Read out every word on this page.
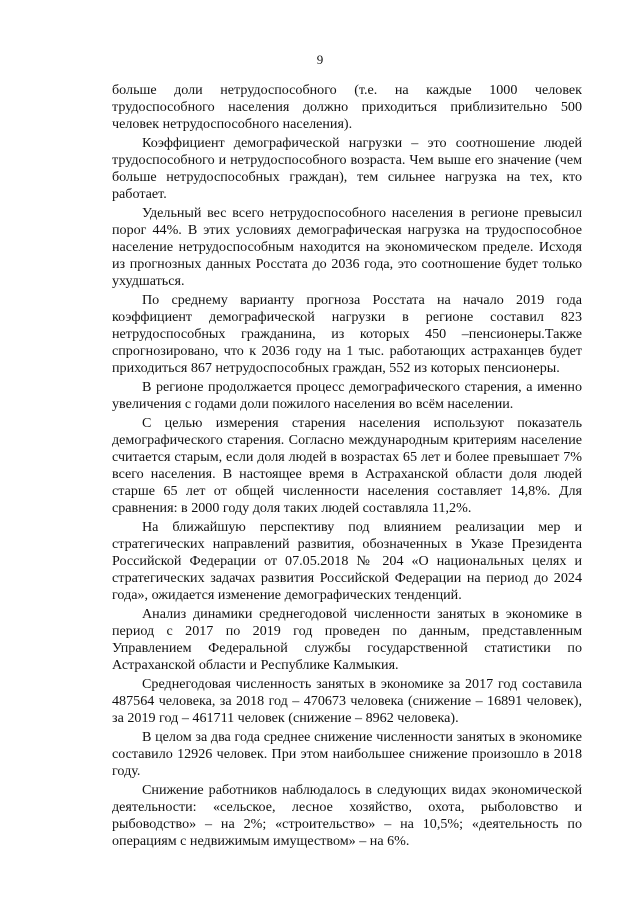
9

больше доли нетрудоспособного (т.е. на каждые 1000 человек трудоспособного населения должно приходиться приблизительно 500 человек нетрудоспособного населения).

Коэффициент демографической нагрузки – это соотношение людей трудоспособного и нетрудоспособного возраста. Чем выше его значение (чем больше нетрудоспособных граждан), тем сильнее нагрузка на тех, кто работает.

Удельный вес всего нетрудоспособного населения в регионе превысил порог 44%. В этих условиях демографическая нагрузка на трудоспособное население нетрудоспособным находится на экономическом пределе. Исходя из прогнозных данных Росстата до 2036 года, это соотношение будет только ухудшаться.

По среднему варианту прогноза Росстата на начало 2019 года коэффициент демографической нагрузки в регионе составил 823 нетрудоспособных гражданина, из которых 450 –пенсионеры.Также спрогнозировано, что к 2036 году на 1 тыс. работающих астраханцев будет приходиться 867 нетрудоспособных граждан, 552 из которых пенсионеры.

В регионе продолжается процесс демографического старения, а именно увеличения с годами доли пожилого населения во всём населении.

С целью измерения старения населения используют показатель демографического старения. Согласно международным критериям население считается старым, если доля людей в возрастах 65 лет и более превышает 7% всего населения. В настоящее время в Астраханской области доля людей старше 65 лет от общей численности населения составляет 14,8%. Для сравнения: в 2000 году доля таких людей составляла 11,2%.

На ближайшую перспективу под влиянием реализации мер и стратегических направлений развития, обозначенных в Указе Президента Российской Федерации от 07.05.2018 № 204 «О национальных целях и стратегических задачах развития Российской Федерации на период до 2024 года», ожидается изменение демографических тенденций.

Анализ динамики среднегодовой численности занятых в экономике в период с 2017 по 2019 год проведен по данным, представленным Управлением Федеральной службы государственной статистики по Астраханской области и Республике Калмыкия.

Среднегодовая численность занятых в экономике за 2017 год составила 487564 человека, за 2018 год – 470673 человека (снижение – 16891 человек), за 2019 год – 461711 человек (снижение – 8962 человека).

В целом за два года среднее снижение численности занятых в экономике составило 12926 человек. При этом наибольшее снижение произошло в 2018 году.

Снижение работников наблюдалось в следующих видах экономической деятельности: «сельское, лесное хозяйство, охота, рыболовство и рыбоводство» – на 2%; «строительство» – на 10,5%; «деятельность по операциям с недвижимым имуществом» – на 6%.
